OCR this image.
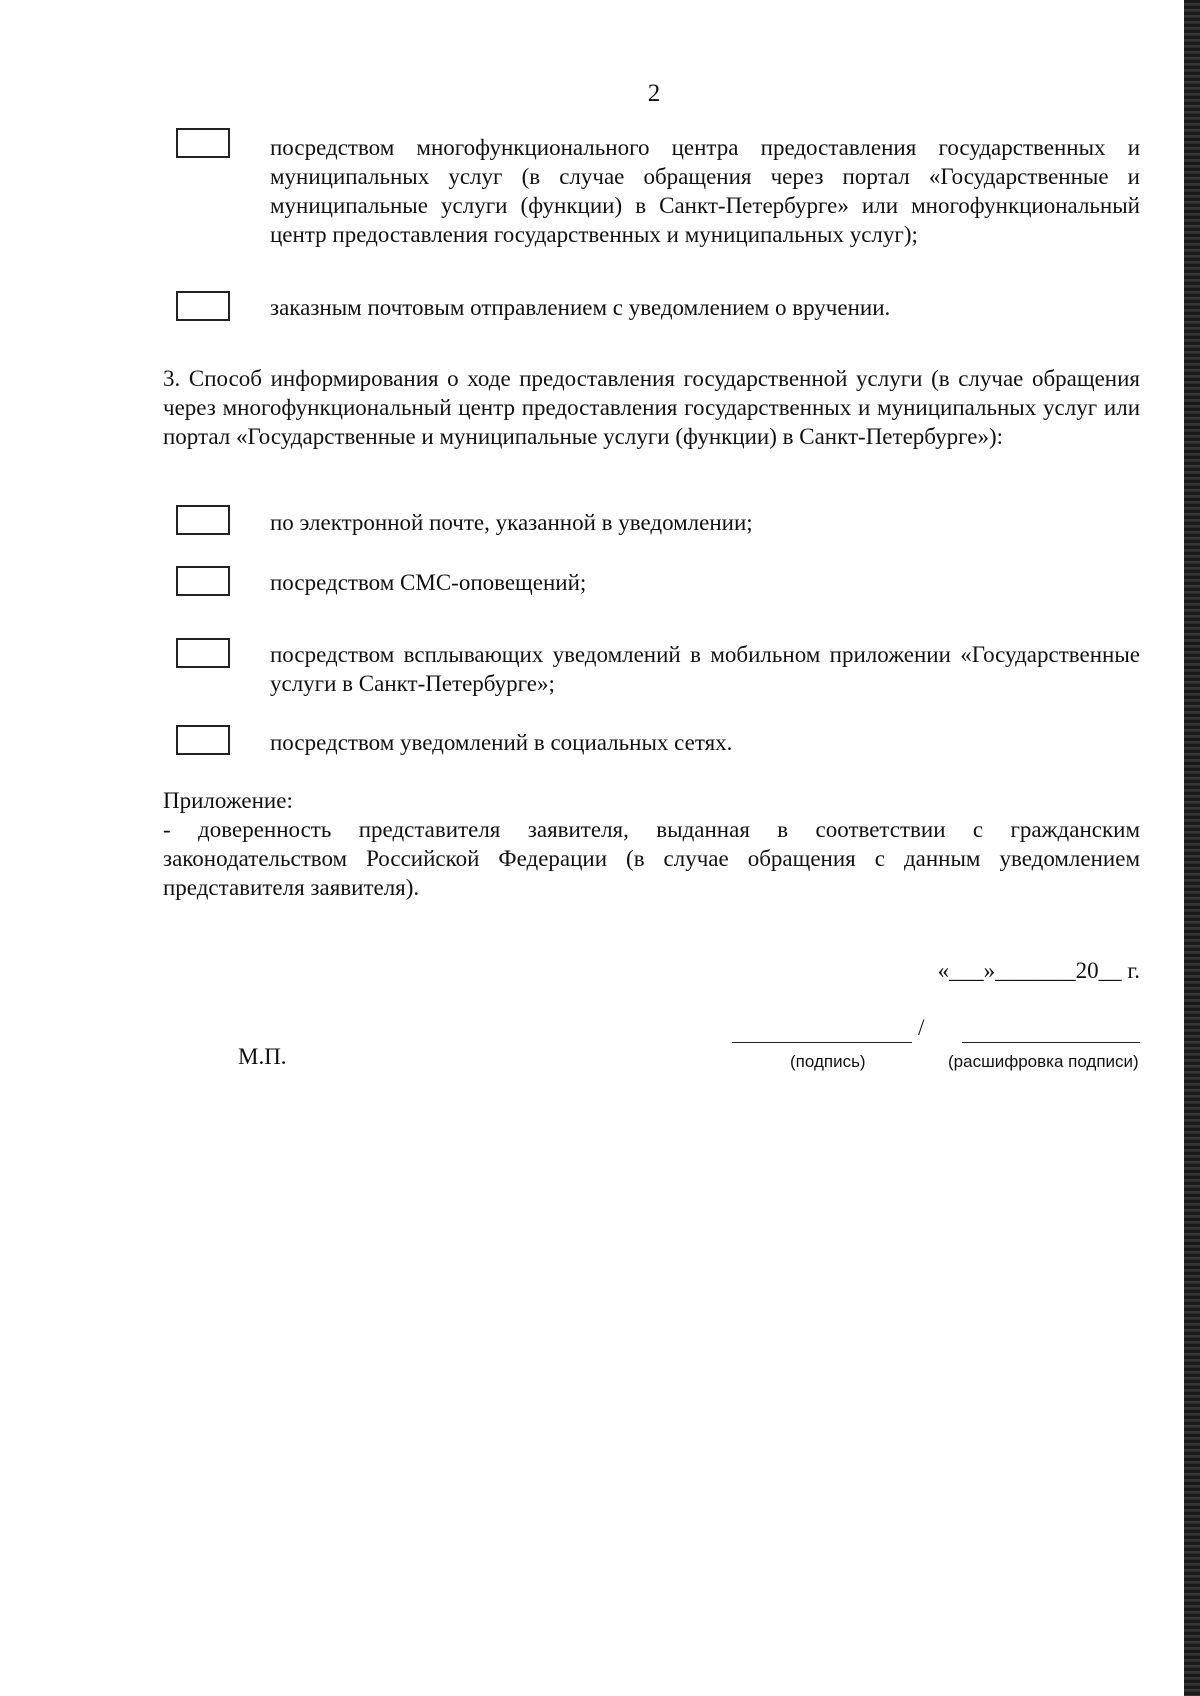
2
посредством многофункционального центра предоставления государственных и муниципальных услуг (в случае обращения через портал «Государственные и муниципальные услуги (функции) в Санкт-Петербурге» или многофункциональный центр предоставления государственных и муниципальных услуг);
заказным почтовым отправлением с уведомлением о вручении.
3. Способ информирования о ходе предоставления государственной услуги (в случае обращения через многофункциональный центр предоставления государственных и муниципальных услуг или портал «Государственные и муниципальные услуги (функции) в Санкт-Петербурге»):
по электронной почте, указанной в уведомлении;
посредством СМС-оповещений;
посредством всплывающих уведомлений в мобильном приложении «Государственные услуги в Санкт-Петербурге»;
посредством уведомлений в социальных сетях.
Приложение:
- доверенность представителя заявителя, выданная в соответствии с гражданским законодательством Российской Федерации (в случае обращения с данным уведомлением представителя заявителя).
«___»_______20__ г.
/
(подпись)	(расшифровка подписи)
М.П.
